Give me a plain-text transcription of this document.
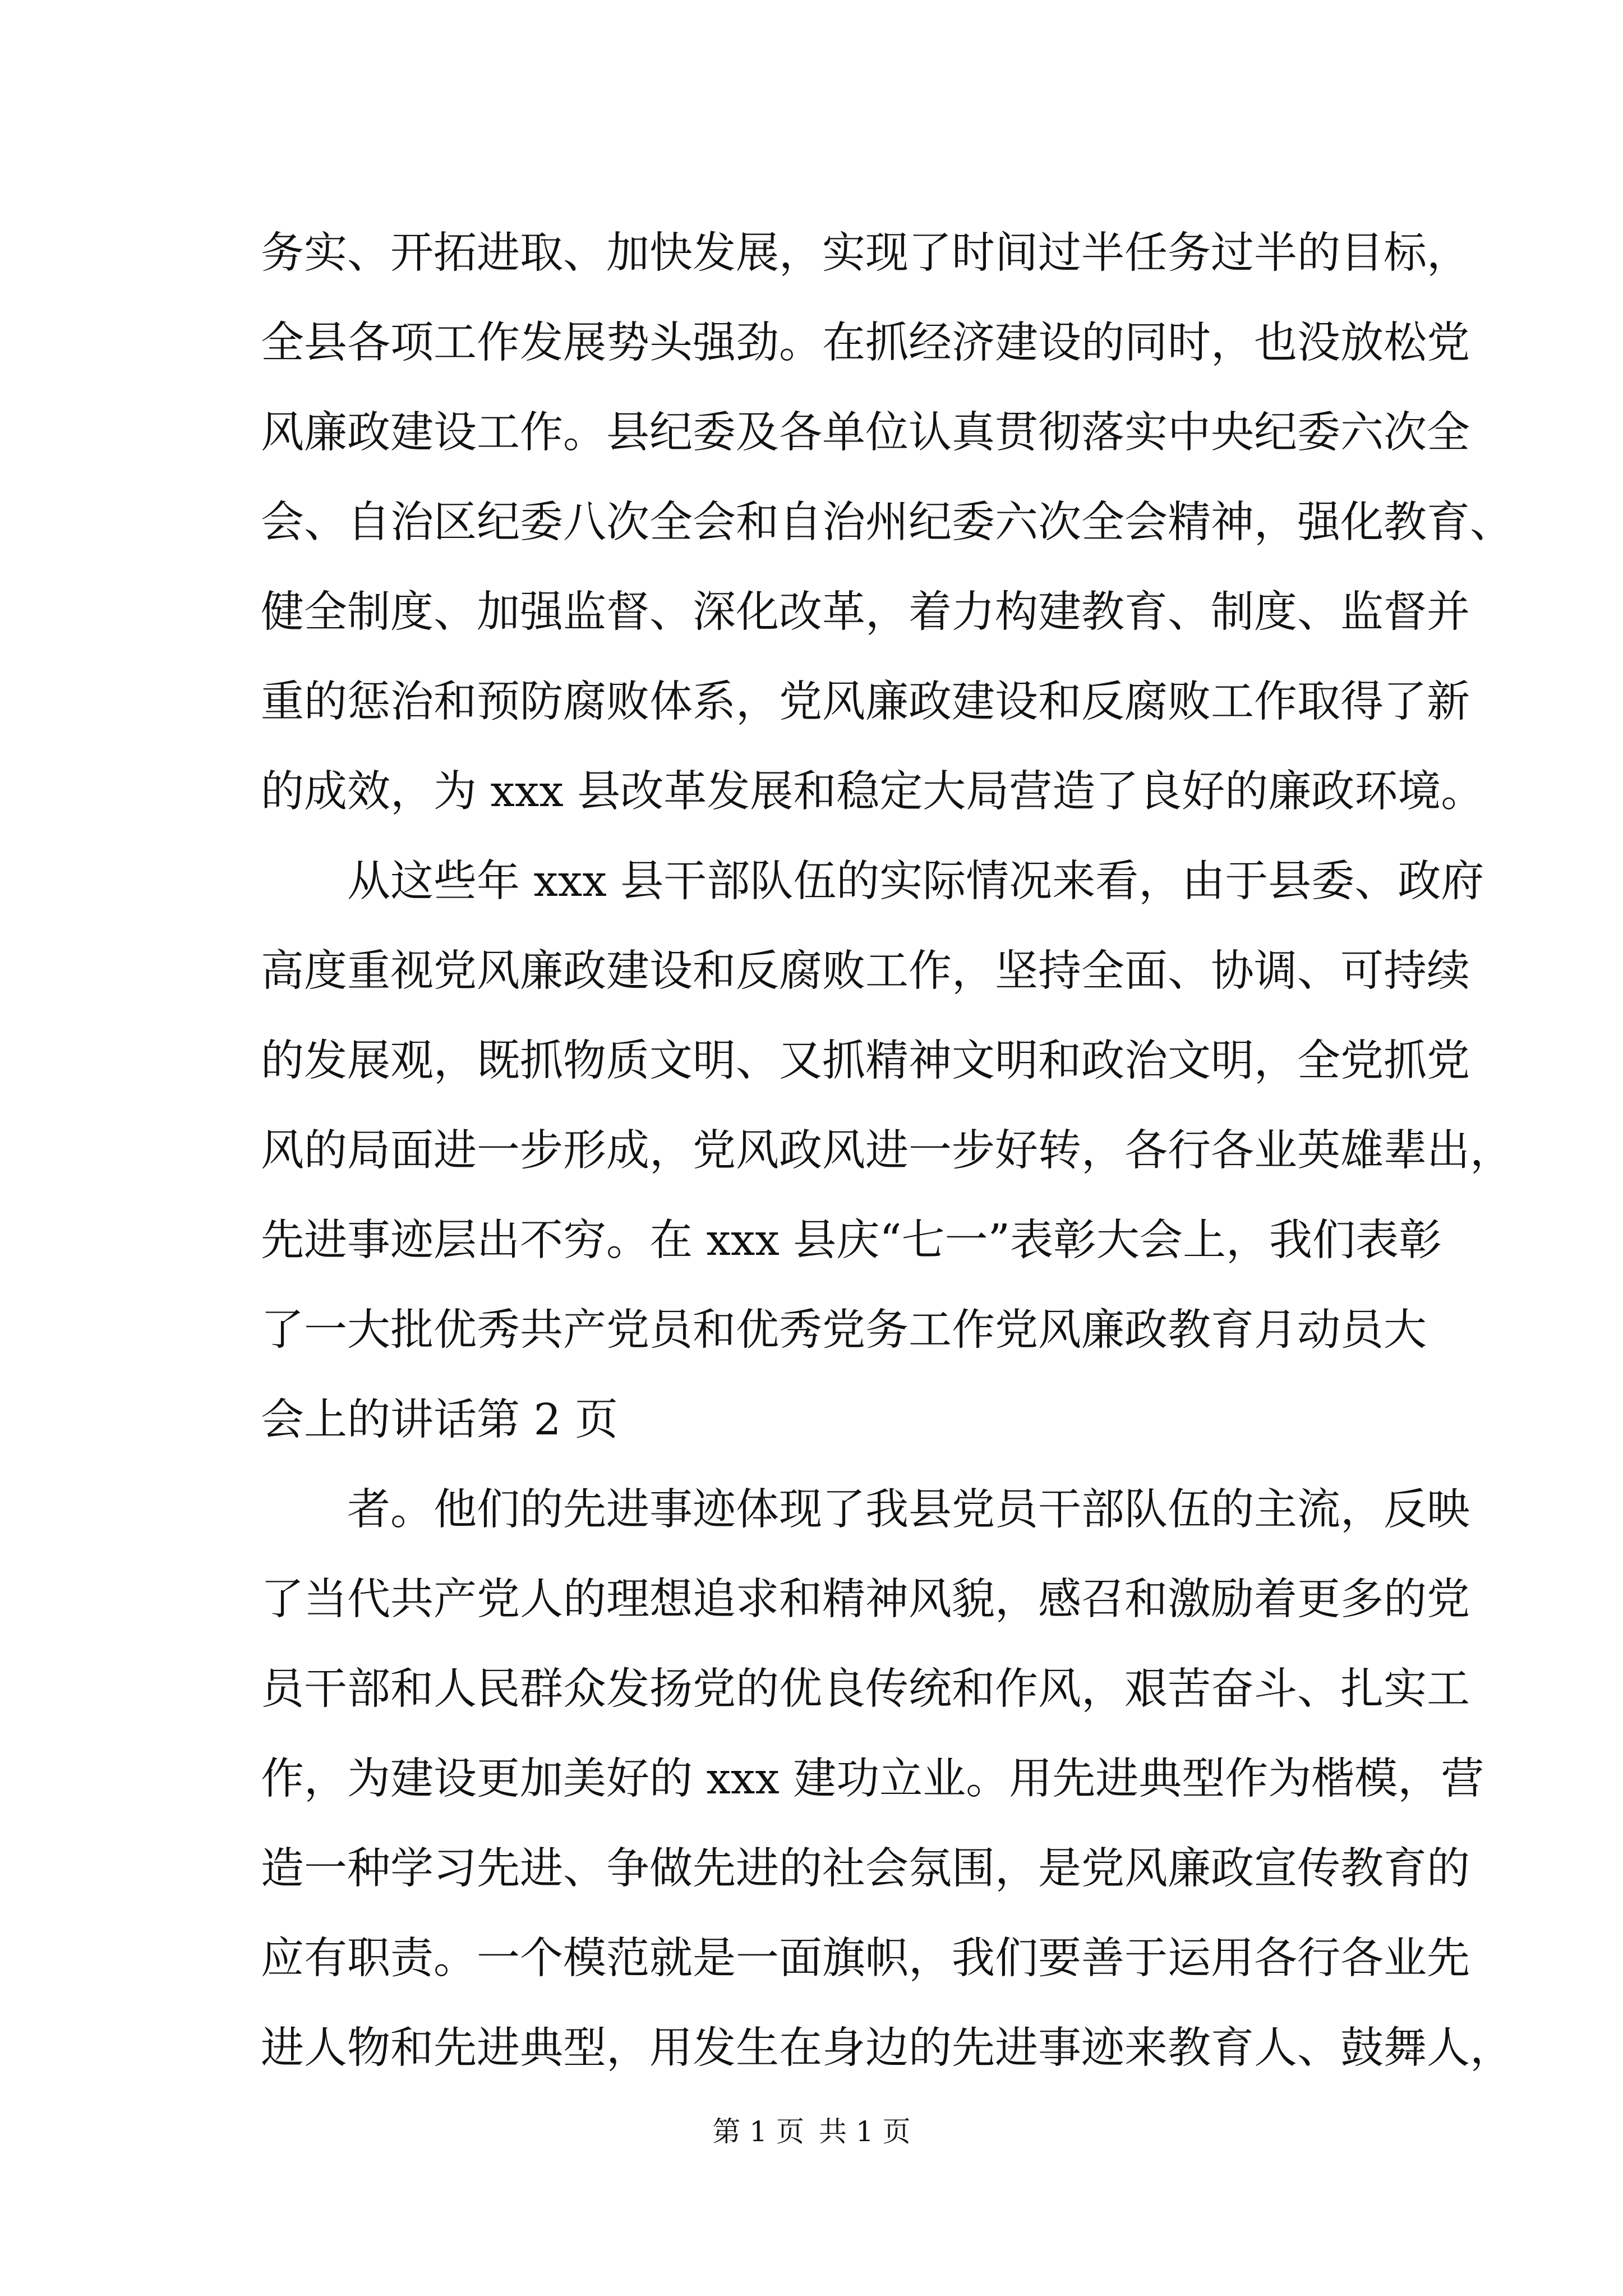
务实、开拓进取、加快发展，实现了时间过半任务过半的目标，
全县各项工作发展势头强劲。在抓经济建设的同时，也没放松党
风廉政建设工作。县纪委及各单位认真贯彻落实中央纪委六次全
会、自治区纪委八次全会和自治州纪委六次全会精神，强化教育、
健全制度、加强监督、深化改革，着力构建教育、制度、监督并
重的惩治和预防腐败体系，党风廉政建设和反腐败工作取得了新
的成效，为 xxx 县改革发展和稳定大局营造了良好的廉政环境。
从这些年 xxx 县干部队伍的实际情况来看，由于县委、政府
高度重视党风廉政建设和反腐败工作，坚持全面、协调、可持续
的发展观，既抓物质文明、又抓精神文明和政治文明，全党抓党
风的局面进一步形成，党风政风进一步好转，各行各业英雄辈出，
先进事迹层出不穷。在 xxx 县庆“七一”表彰大会上，我们表彰
了一大批优秀共产党员和优秀党务工作党风廉政教育月动员大
会上的讲话第 2 页
者。他们的先进事迹体现了我县党员干部队伍的主流，反映
了当代共产党人的理想追求和精神风貌，感召和激励着更多的党
员干部和人民群众发扬党的优良传统和作风，艰苦奋斗、扎实工
作，为建设更加美好的 xxx 建功立业。用先进典型作为楷模，营
造一种学习先进、争做先进的社会氛围，是党风廉政宣传教育的
应有职责。一个模范就是一面旗帜，我们要善于运用各行各业先
进人物和先进典型，用发生在身边的先进事迹来教育人、鼓舞人，
第 1 页 共 1 页
